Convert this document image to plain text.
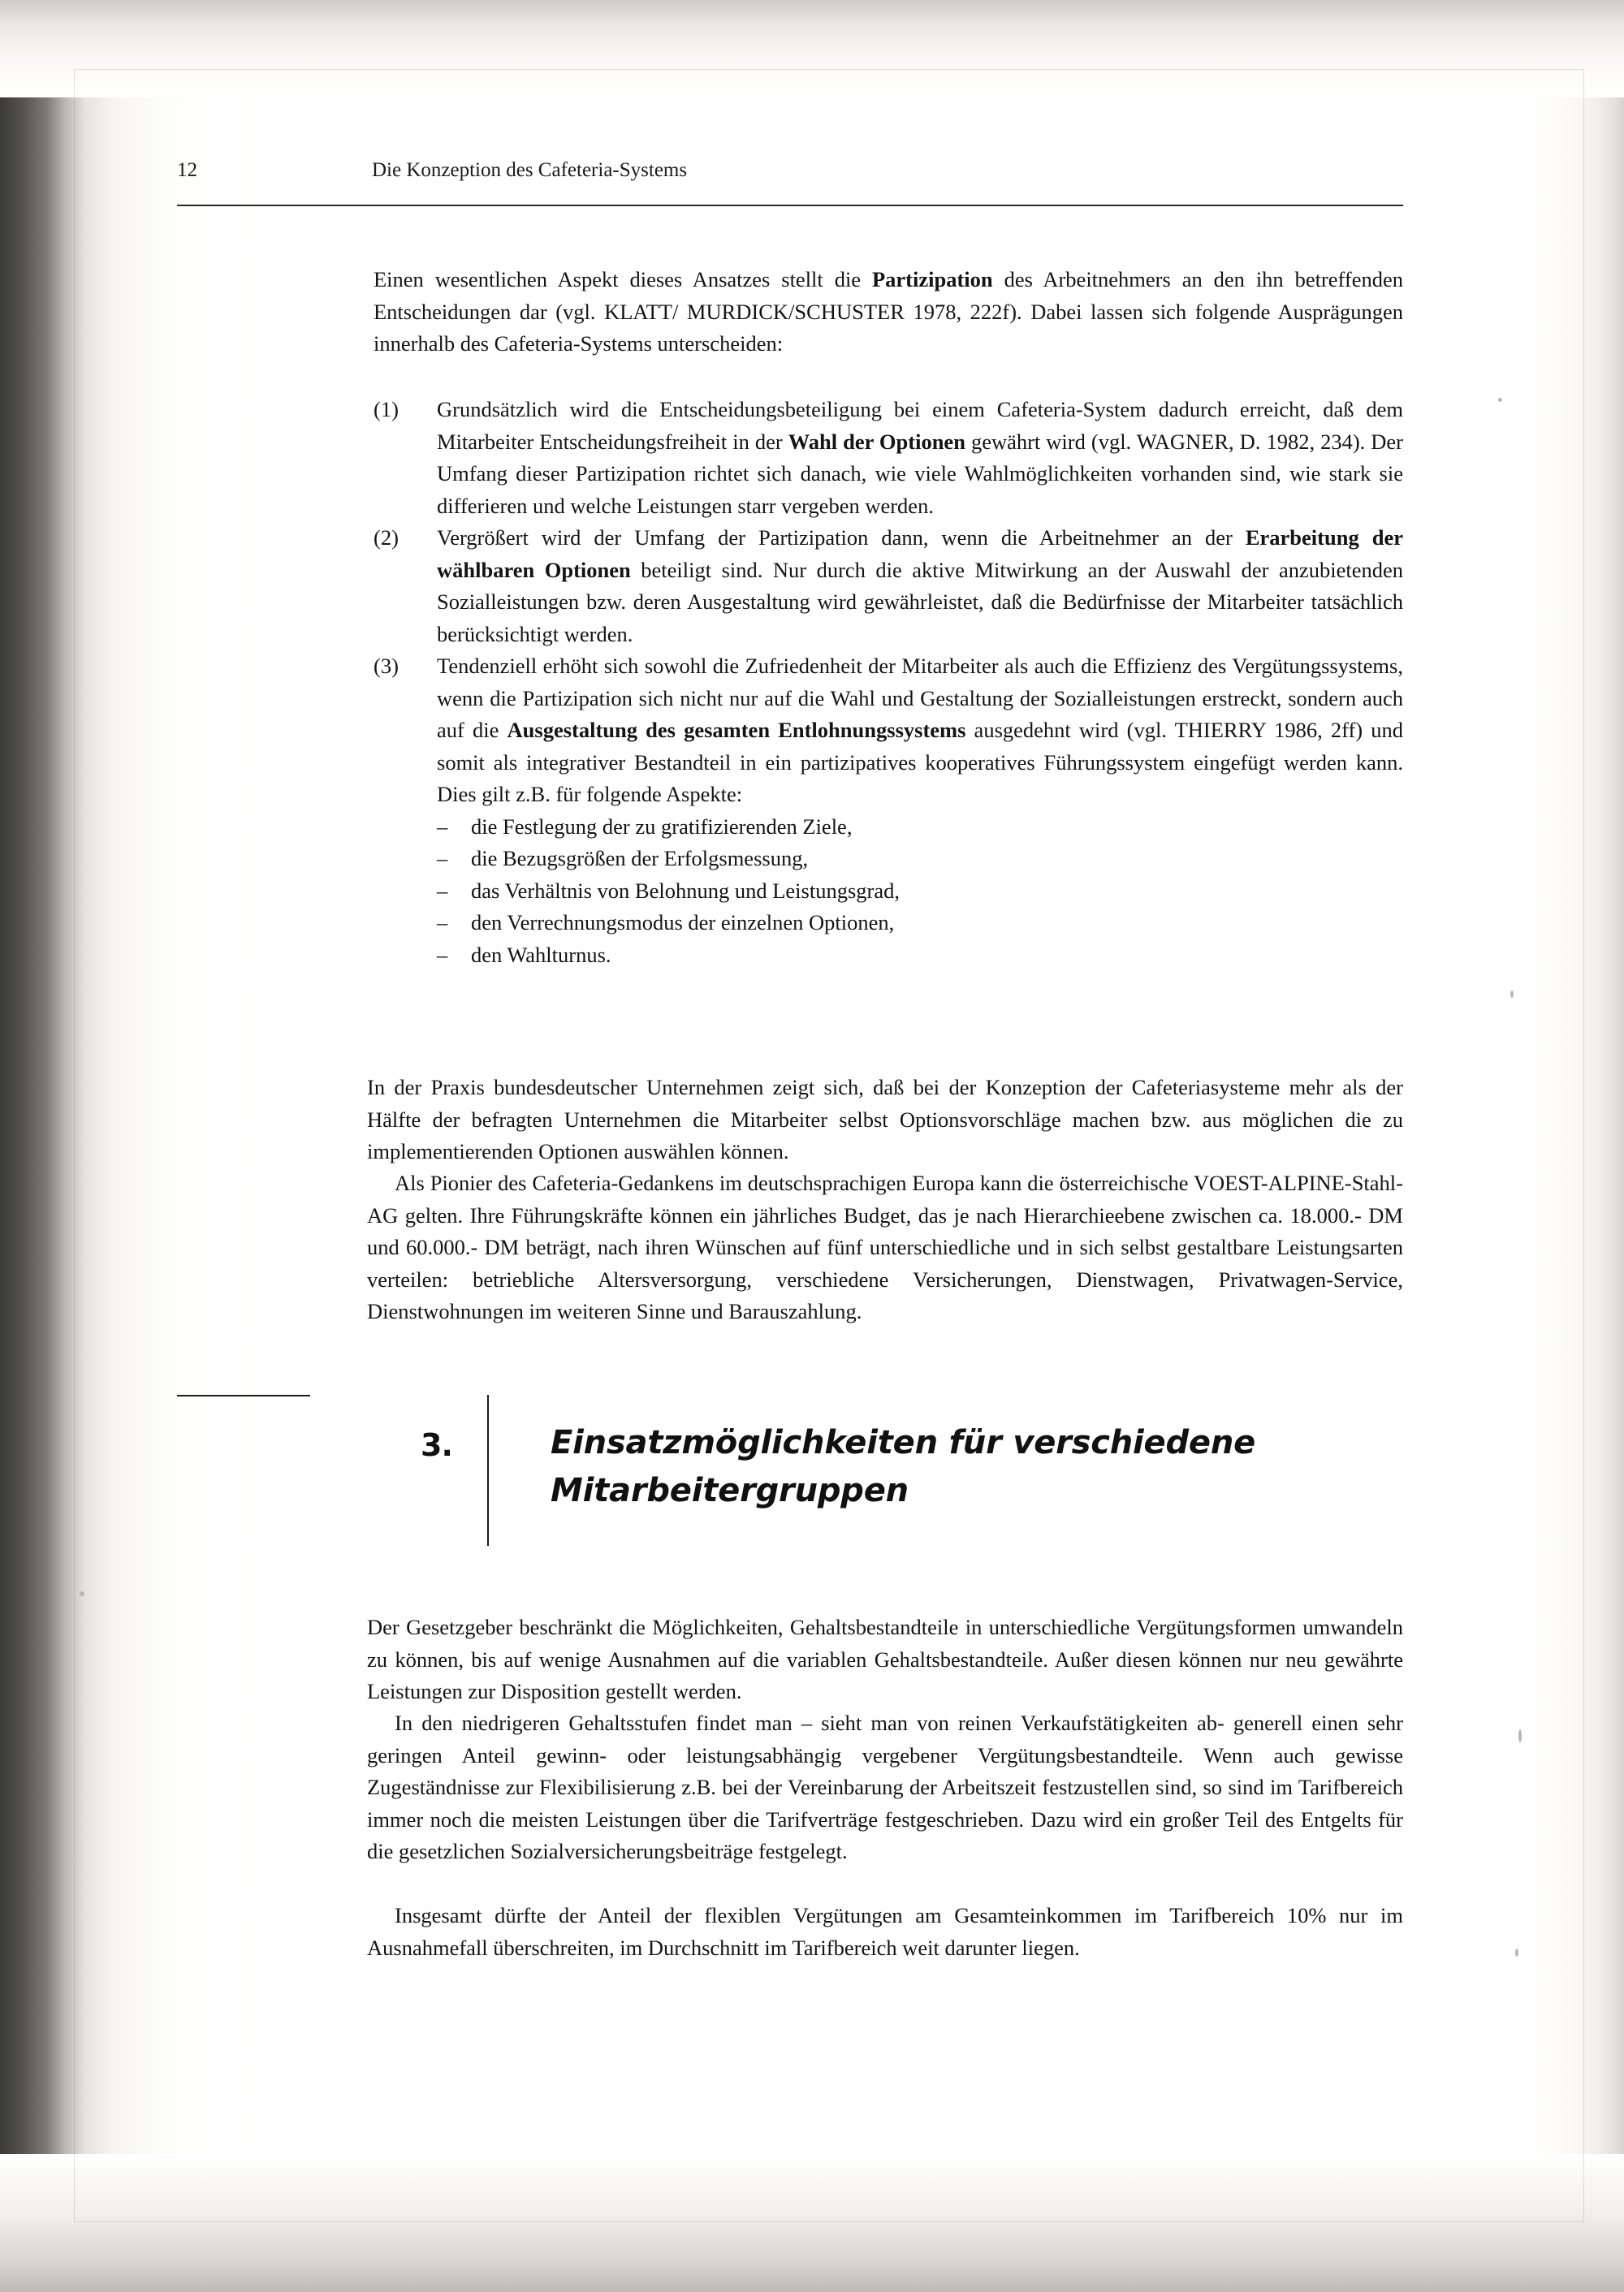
12	Die Konzeption des Cafeteria-Systems
Einen wesentlichen Aspekt dieses Ansatzes stellt die Partizipation des Arbeitnehmers an den ihn betreffenden Entscheidungen dar (vgl. KLATT/ MURDICK/SCHUSTER 1978, 222f). Dabei lassen sich folgende Ausprägungen innerhalb des Cafeteria-Systems unterscheiden:
(1)	Grundsätzlich wird die Entscheidungsbeteiligung bei einem Cafeteria-System dadurch erreicht, daß dem Mitarbeiter Entscheidungsfreiheit in der Wahl der Optionen gewährt wird (vgl. WAGNER, D. 1982, 234). Der Umfang dieser Partizipation richtet sich danach, wie viele Wahlmöglichkeiten vorhanden sind, wie stark sie differieren und welche Leistungen starr vergeben werden.
(2)	Vergrößert wird der Umfang der Partizipation dann, wenn die Arbeitnehmer an der Erarbeitung der wählbaren Optionen beteiligt sind. Nur durch die aktive Mitwirkung an der Auswahl der anzubietenden Sozialleistungen bzw. deren Ausgestaltung wird gewährleistet, daß die Bedürfnisse der Mitarbeiter tatsächlich berücksichtigt werden.
(3)	Tendenziell erhöht sich sowohl die Zufriedenheit der Mitarbeiter als auch die Effizienz des Vergütungssystems, wenn die Partizipation sich nicht nur auf die Wahl und Gestaltung der Sozialleistungen erstreckt, sondern auch auf die Ausgestaltung des gesamten Entlohnungssystems ausgedehnt wird (vgl. THIERRY 1986, 2ff) und somit als integrativer Bestandteil in ein partizipatives kooperatives Führungssystem eingefügt werden kann. Dies gilt z.B. für folgende Aspekte:
–	die Festlegung der zu gratifizierenden Ziele,
–	die Bezugsgrößen der Erfolgsmessung,
–	das Verhältnis von Belohnung und Leistungsgrad,
–	den Verrechnungsmodus der einzelnen Optionen,
–	den Wahlturnus.
In der Praxis bundesdeutscher Unternehmen zeigt sich, daß bei der Konzeption der Cafeteriasysteme mehr als der Hälfte der befragten Unternehmen die Mitarbeiter selbst Optionsvorschläge machen bzw. aus möglichen die zu implementierenden Optionen auswählen können.
Als Pionier des Cafeteria-Gedankens im deutschsprachigen Europa kann die österreichische VOEST-ALPINE-Stahl-AG gelten. Ihre Führungskräfte können ein jährliches Budget, das je nach Hierarchieebene zwischen ca. 18.000.- DM und 60.000.- DM beträgt, nach ihren Wünschen auf fünf unterschiedliche und in sich selbst gestaltbare Leistungsarten verteilen: betriebliche Altersversorgung, verschiedene Versicherungen, Dienstwagen, Privatwagen-Service, Dienstwohnungen im weiteren Sinne und Barauszahlung.
3.	Einsatzmöglichkeiten für verschiedene
Mitarbeitergruppen
Der Gesetzgeber beschränkt die Möglichkeiten, Gehaltsbestandteile in unterschiedliche Vergütungsformen umwandeln zu können, bis auf wenige Ausnahmen auf die variablen Gehaltsbestandteile. Außer diesen können nur neu gewährte Leistungen zur Disposition gestellt werden.
In den niedrigeren Gehaltsstufen findet man – sieht man von reinen Verkaufstätigkeiten ab- generell einen sehr geringen Anteil gewinn- oder leistungsabhängig vergebener Vergütungsbestandteile. Wenn auch gewisse Zugeständnisse zur Flexibilisierung z.B. bei der Vereinbarung der Arbeitszeit festzustellen sind, so sind im Tarifbereich immer noch die meisten Leistungen über die Tarifverträge festgeschrieben. Dazu wird ein großer Teil des Entgelts für die gesetzlichen Sozialversicherungsbeiträge festgelegt.
Insgesamt dürfte der Anteil der flexiblen Vergütungen am Gesamteinkommen im Tarifbereich 10% nur im Ausnahmefall überschreiten, im Durchschnitt im Tarifbereich weit darunter liegen.
